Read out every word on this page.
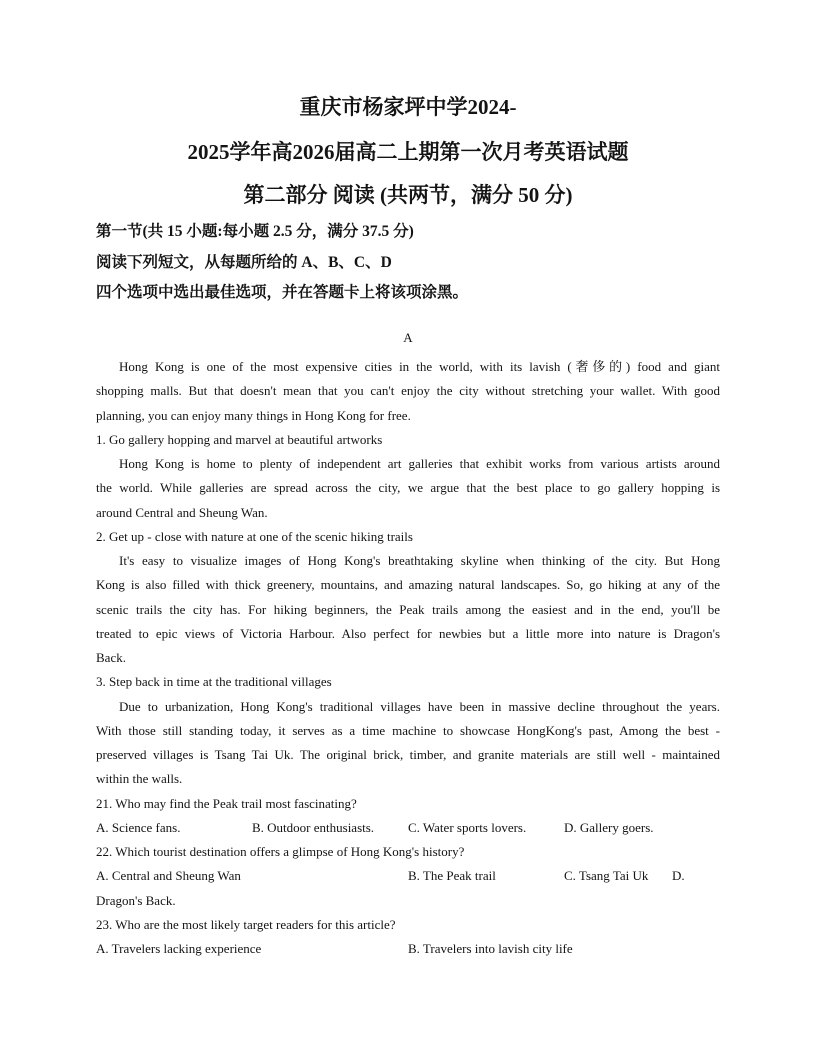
重庆市杨家坪中学2024-
2025学年高2026届高二上期第一次月考英语试题
第二部分 阅读 (共两节，满分 50 分)
第一节(共 15 小题:每小题 2.5 分，满分 37.5 分)
阅读下列短文，从每题所给的 A、B、C、D
四个选项中选出最佳选项，并在答题卡上将该项涂黑。
A
Hong Kong is one of the most expensive cities in the world, with its lavish (奢侈的) food and giant
shopping malls. But that doesn't mean that you can't enjoy the city without stretching your wallet. With good
planning, you can enjoy many things in Hong Kong for free.
1. Go gallery hopping and marvel at beautiful artworks
Hong Kong is home to plenty of independent art galleries that exhibit works from various artists around
the world. While galleries are spread across the city, we argue that the best place to go gallery hopping is
around Central and Sheung Wan.
2. Get up - close with nature at one of the scenic hiking trails
It's easy to visualize images of Hong Kong's breathtaking skyline when thinking of the city. But Hong
Kong is also filled with thick greenery, mountains, and amazing natural landscapes. So, go hiking at any of the
scenic trails the city has. For hiking beginners, the Peak trails among the easiest and in the end, you'll be
treated to epic views of Victoria Harbour. Also perfect for newbies but a little more into nature is Dragon's
Back.
3. Step back in time at the traditional villages
Due to urbanization, Hong Kong's traditional villages have been in massive decline throughout the years.
With those still standing today, it serves as a time machine to showcase HongKong's past, Among the best -
preserved villages is Tsang Tai Uk. The original brick, timber, and granite materials are still well - maintained
within the walls.
21. Who may find the Peak trail most fascinating?
A. Science fans.	B. Outdoor enthusiasts.	C. Water sports lovers.	D. Gallery goers.
22. Which tourist destination offers a glimpse of Hong Kong's history?
A. Central and Sheung Wan	B. The Peak trail	C. Tsang Tai Uk D.
Dragon's Back.
23. Who are the most likely target readers for this article?
A. Travelers lacking experience	B. Travelers into lavish city life
